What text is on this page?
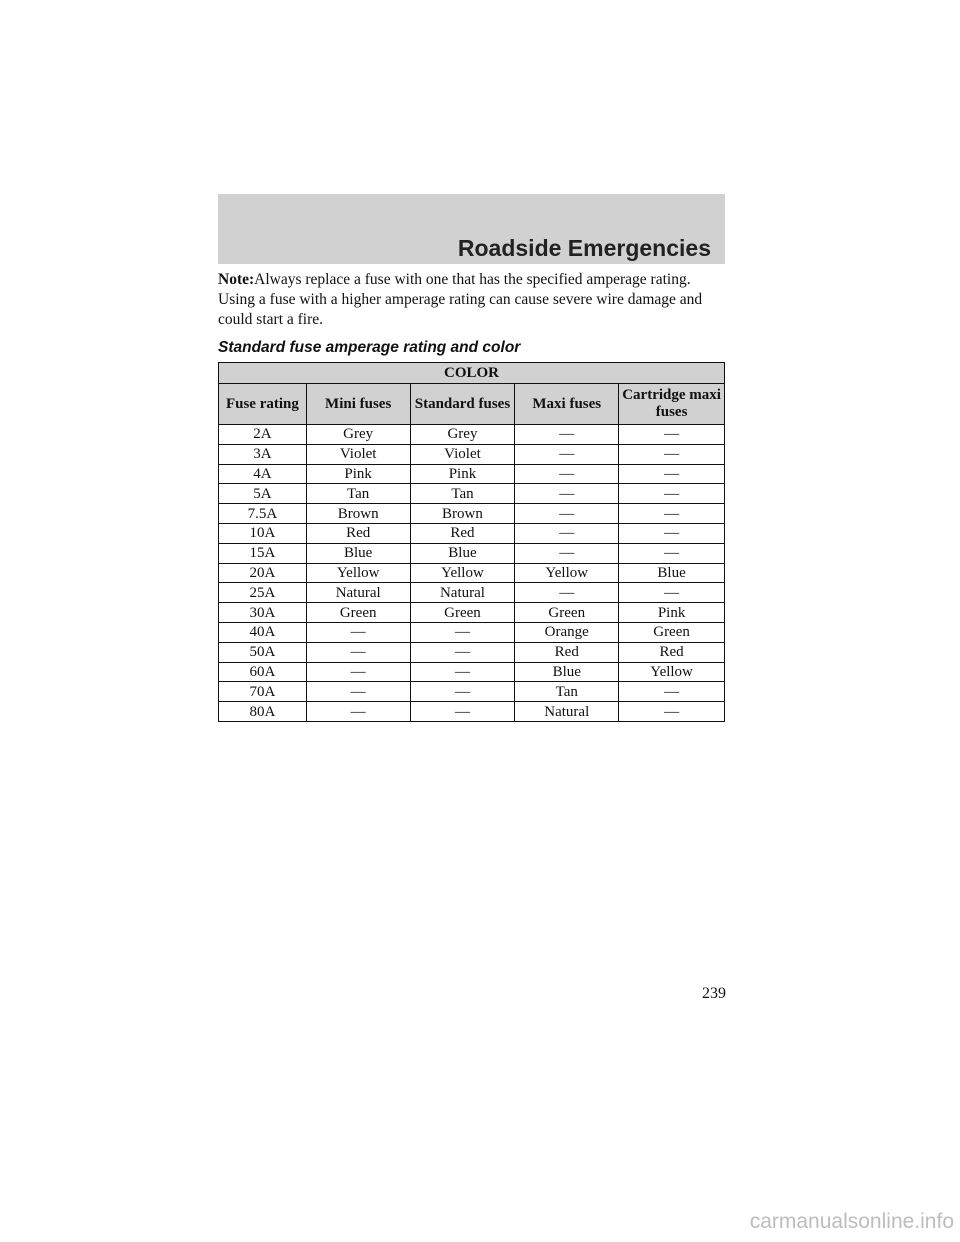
Roadside Emergencies
Note:Always replace a fuse with one that has the specified amperage rating. Using a fuse with a higher amperage rating can cause severe wire damage and could start a fire.
Standard fuse amperage rating and color
COLOR				
Fuse rating	Mini fuses	Standard fuses	Maxi fuses	Cartridge maxi fuses
2A	Grey	Grey	—	—
3A	Violet	Violet	—	—
4A	Pink	Pink	—	—
5A	Tan	Tan	—	—
7.5A	Brown	Brown	—	—
10A	Red	Red	—	—
15A	Blue	Blue	—	—
20A	Yellow	Yellow	Yellow	Blue
25A	Natural	Natural	—	—
30A	Green	Green	Green	Pink
40A	—	—	Orange	Green
50A	—	—	Red	Red
60A	—	—	Blue	Yellow
70A	—	—	Tan	—
80A	—	—	Natural	—
239
carmanualsonline.info
